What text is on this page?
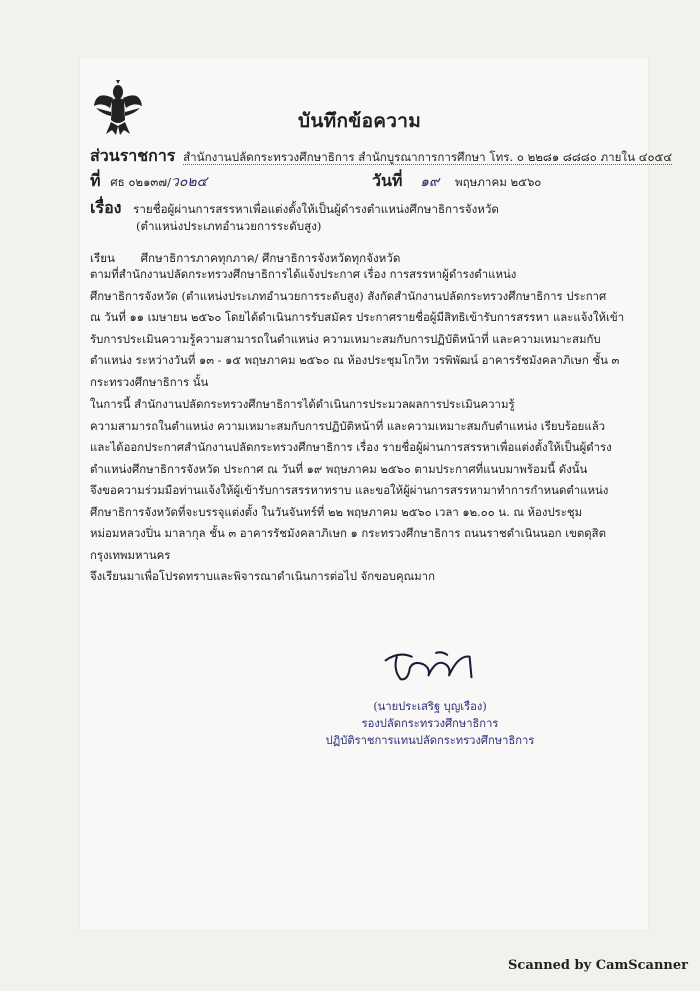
บันทึกข้อความ
ส่วนราชการ สำนักงานปลัดกระทรวงศึกษาธิการ สำนักบูรณาการการศึกษา โทร. ๐ ๒๒๘๑ ๘๘๘๐ ภายใน ๔๐๕๔
ที่ ศธ ๐๒๑๓๗/ว๐๒๔	วันที่ ๑๙ พฤษภาคม ๒๕๖๐
เรื่อง รายชื่อผู้ผ่านการสรรหาเพื่อแต่งตั้งให้เป็นผู้ดำรงตำแหน่งศึกษาธิการจังหวัด
(ตำแหน่งประเภทอำนวยการระดับสูง)
เรียน ศึกษาธิการภาคทุกภาค/ ศึกษาธิการจังหวัดทุกจังหวัด
ตามที่สำนักงานปลัดกระทรวงศึกษาธิการได้แจ้งประกาศ เรื่อง การสรรหาผู้ดำรงตำแหน่ง
ศึกษาธิการจังหวัด (ตำแหน่งประเภทอำนวยการระดับสูง) สังกัดสำนักงานปลัดกระทรวงศึกษาธิการ ประกาศ
ณ วันที่ ๑๑ เมษายน ๒๕๖๐ โดยได้ดำเนินการรับสมัคร ประกาศรายชื่อผู้มีสิทธิเข้ารับการสรรหา และแจ้งให้เข้า
รับการประเมินความรู้ความสามารถในตำแหน่ง ความเหมาะสมกับการปฏิบัติหน้าที่ และความเหมาะสมกับ
ตำแหน่ง ระหว่างวันที่ ๑๓ - ๑๕ พฤษภาคม ๒๕๖๐ ณ ห้องประชุมโกวิท วรพิพัฒน์ อาคารรัชมังคลาภิเษก ชั้น ๓
กระทรวงศึกษาธิการ นั้น
ในการนี้ สำนักงานปลัดกระทรวงศึกษาธิการได้ดำเนินการประมวลผลการประเมินความรู้
ความสามารถในตำแหน่ง ความเหมาะสมกับการปฏิบัติหน้าที่ และความเหมาะสมกับตำแหน่ง เรียบร้อยแล้ว
และได้ออกประกาศสำนักงานปลัดกระทรวงศึกษาธิการ เรื่อง รายชื่อผู้ผ่านการสรรหาเพื่อแต่งตั้งให้เป็นผู้ดำรง
ตำแหน่งศึกษาธิการจังหวัด ประกาศ ณ วันที่ ๑๙ พฤษภาคม ๒๕๖๐ ตามประกาศที่แนบมาพร้อมนี้ ดังนั้น
จึงขอความร่วมมือท่านแจ้งให้ผู้เข้ารับการสรรหาทราบ และขอให้ผู้ผ่านการสรรหามาทำการกำหนดตำแหน่ง
ศึกษาธิการจังหวัดที่จะบรรจุแต่งตั้ง ในวันจันทร์ที่ ๒๒ พฤษภาคม ๒๕๖๐ เวลา ๑๒.๐๐ น. ณ ห้องประชุม
หม่อมหลวงปิ่น มาลากุล ชั้น ๓ อาคารรัชมังคลาภิเษก ๑ กระทรวงศึกษาธิการ ถนนราชดำเนินนอก เขตดุสิต
กรุงเทพมหานคร
จึงเรียนมาเพื่อโปรดทราบและพิจารณาดำเนินการต่อไป จักขอบคุณมาก
(นายประเสริฐ บุญเรือง)
รองปลัดกระทรวงศึกษาธิการ
ปฏิบัติราชการแทนปลัดกระทรวงศึกษาธิการ
Scanned by CamScanner
